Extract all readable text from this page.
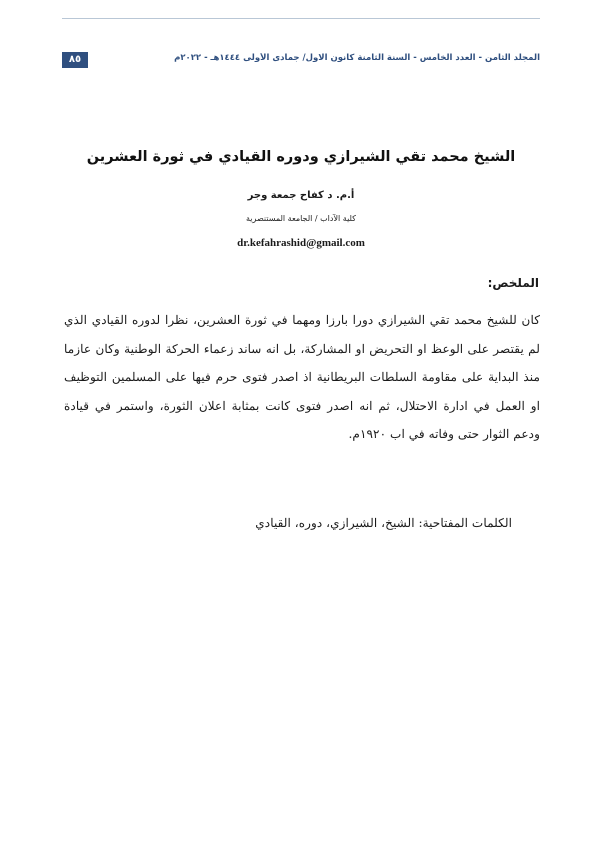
٨٥	المجلد الثامن - العدد الخامس - السنة الثامنة كانون الاول/ جمادى الأولى ١٤٤٤هـ - ٢٠٢٢م
الشيخ محمد تقي الشيرازي ودوره القيادي في ثورة العشرين
أ.م. د كفاح جمعة وجر
كلية الآداب / الجامعة المستنصرية
dr.kefahrashid@gmail.com
الملخص:
كان للشيخ محمد تقي الشيرازي دورا بارزا ومهما في ثورة العشرين، نظرا لدوره القيادي الذي لم يقتصر على الوعظ او التحريض او المشاركة، بل انه ساند زعماء الحركة الوطنية وكان عازما منذ البداية على مقاومة السلطات البريطانية اذ اصدر فتوى حرم فيها على المسلمين التوظيف او العمل في ادارة الاحتلال، ثم انه اصدر فتوى كانت بمثابة اعلان الثورة، واستمر في قيادة ودعم الثوار حتى وفاته في اب ١٩٢٠م.
الكلمات المفتاحية: الشيخ، الشيرازي، دوره، القيادي
